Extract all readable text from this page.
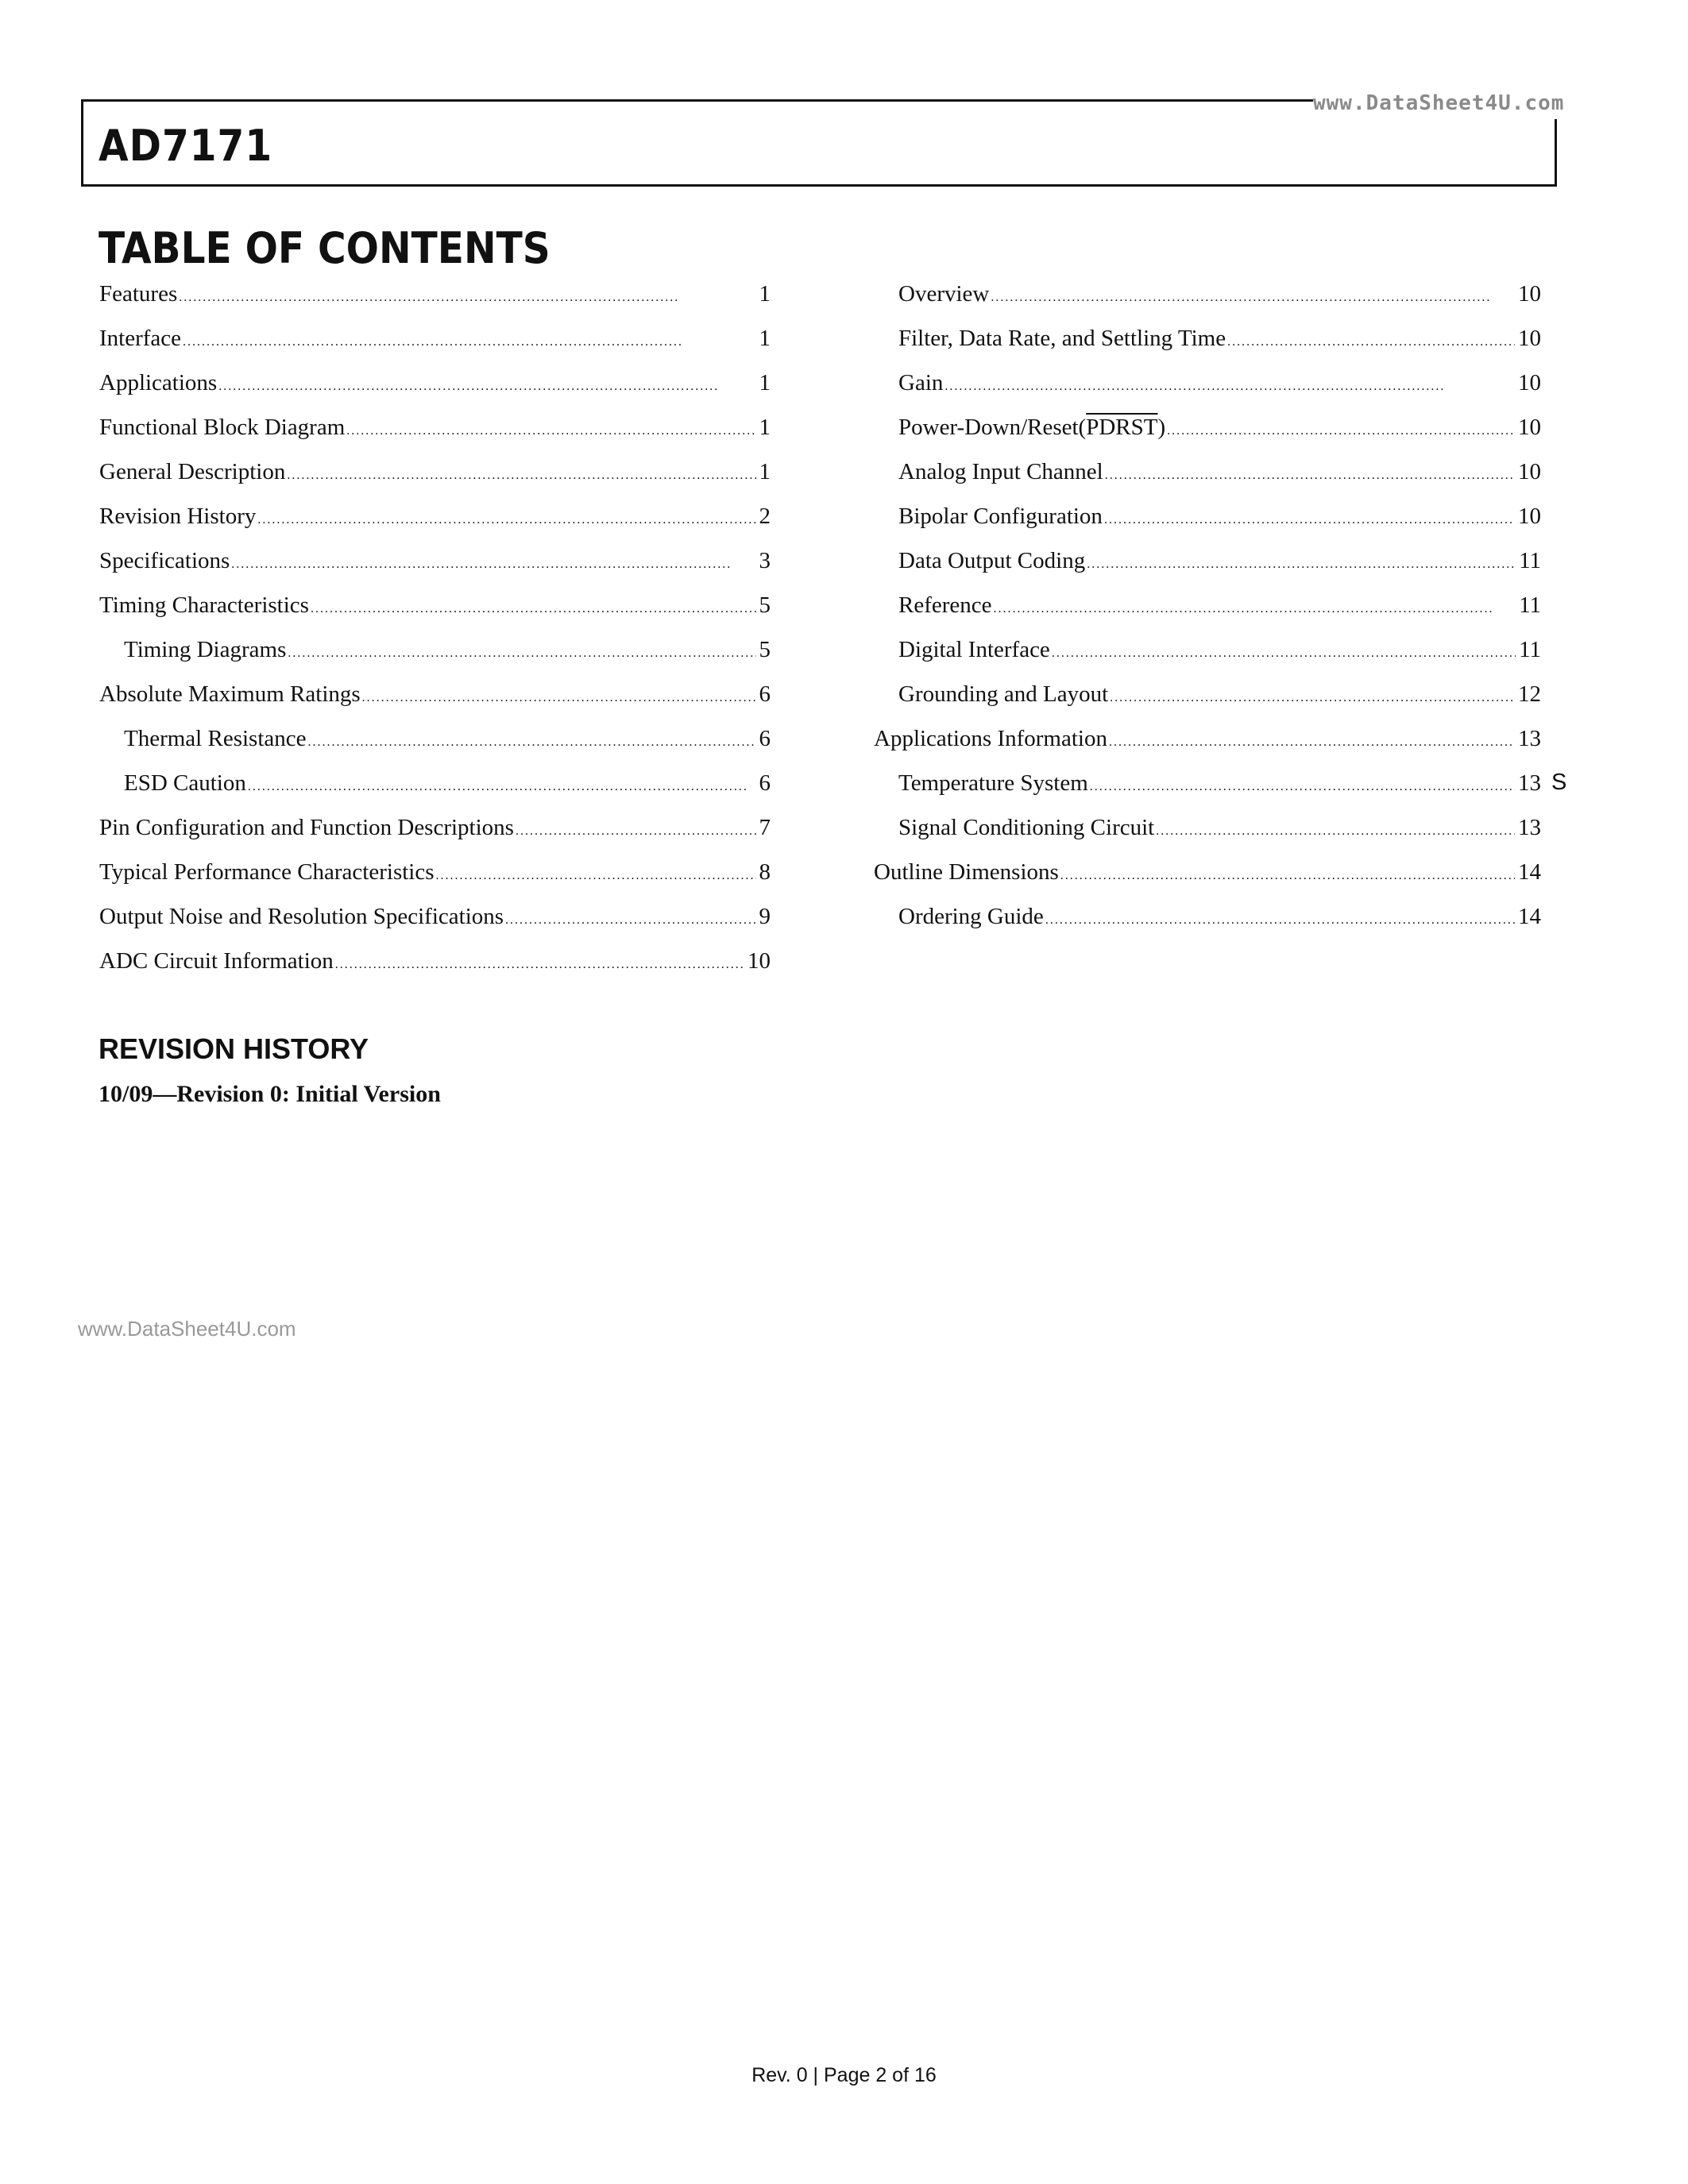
www.DataSheet4U.com
AD7171
TABLE OF CONTENTS
Features . . .	1
Interface . . .	1
Applications . . .	1
Functional Block Diagram . . .	1
General Description . . .	1
Revision History . . .	2
Specifications . . .	3
Timing Characteristics . . .	5
Timing Diagrams . . .	5
Absolute Maximum Ratings . . .	6
Thermal Resistance . . .	6
ESD Caution . . .	6
Pin Configuration and Function Descriptions . . .	7
Typical Performance Characteristics . . .	8
Output Noise and Resolution Specifications . . .	9
ADC Circuit Information . . .	10
Overview . . .	10
Filter, Data Rate, and Settling Time . . .	10
Gain . . .	10
Power-Down/Reset(PDRST) . . .	10
Analog Input Channel . . .	10
Bipolar Configuration . . .	10
Data Output Coding . . .	11
Reference . . .	11
Digital Interface . . .	11
Grounding and Layout . . .	12
Applications Information . . .	13
Temperature System . . .	13
Signal Conditioning Circuit . . .	13
Outline Dimensions . . .	14
Ordering Guide . . .	14
S
REVISION HISTORY
10/09—Revision 0: Initial Version
www.DataSheet4U.com
Rev. 0 | Page 2 of 16
